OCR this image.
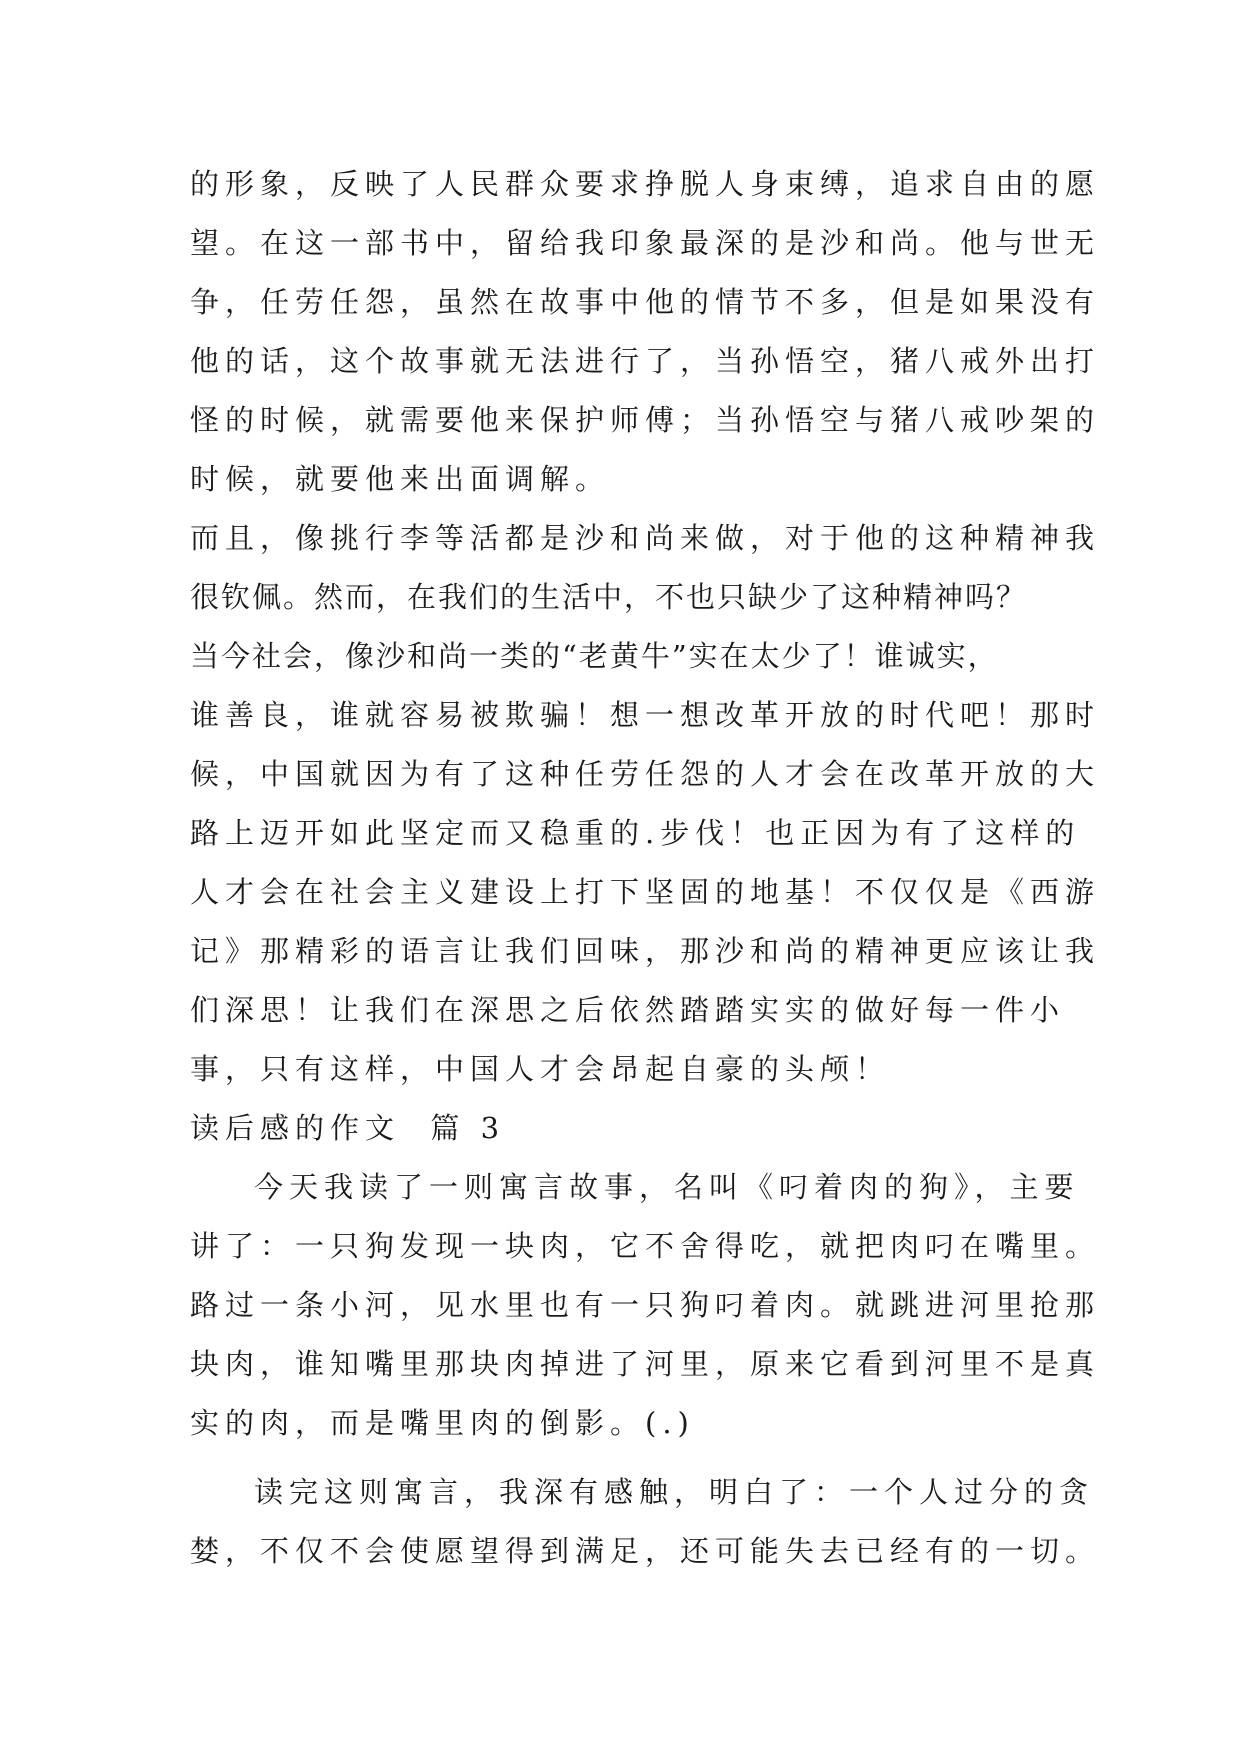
的形象，反映了人民群众要求挣脱人身束缚，追求自由的愿
望。在这一部书中，留给我印象最深的是沙和尚。他与世无
争，任劳任怨，虽然在故事中他的情节不多，但是如果没有
他的话，这个故事就无法进行了，当孙悟空，猪八戒外出打
怪的时候，就需要他来保护师傅；当孙悟空与猪八戒吵架的
时候，就要他来出面调解。
而且，像挑行李等活都是沙和尚来做，对于他的这种精神我
很钦佩。然而，在我们的生活中，不也只缺少了这种精神吗？
当今社会，像沙和尚一类的“老黄牛”实在太少了！谁诚实，
谁善良，谁就容易被欺骗！想一想改革开放的时代吧！那时
候，中国就因为有了这种任劳任怨的人才会在改革开放的大
路上迈开如此坚定而又稳重的.步伐！也正因为有了这样的
人才会在社会主义建设上打下坚固的地基！不仅仅是《西游
记》那精彩的语言让我们回味，那沙和尚的精神更应该让我
们深思！让我们在深思之后依然踏踏实实的做好每一件小
事，只有这样，中国人才会昂起自豪的头颅！
读后感的作文  篇 3
今天我读了一则寓言故事，名叫《叼着肉的狗》，主要
讲了：一只狗发现一块肉，它不舍得吃，就把肉叼在嘴里。
路过一条小河，见水里也有一只狗叼着肉。就跳进河里抢那
块肉，谁知嘴里那块肉掉进了河里，原来它看到河里不是真
实的肉，而是嘴里肉的倒影。(.)
读完这则寓言，我深有感触，明白了：一个人过分的贪
婪，不仅不会使愿望得到满足，还可能失去已经有的一切。
